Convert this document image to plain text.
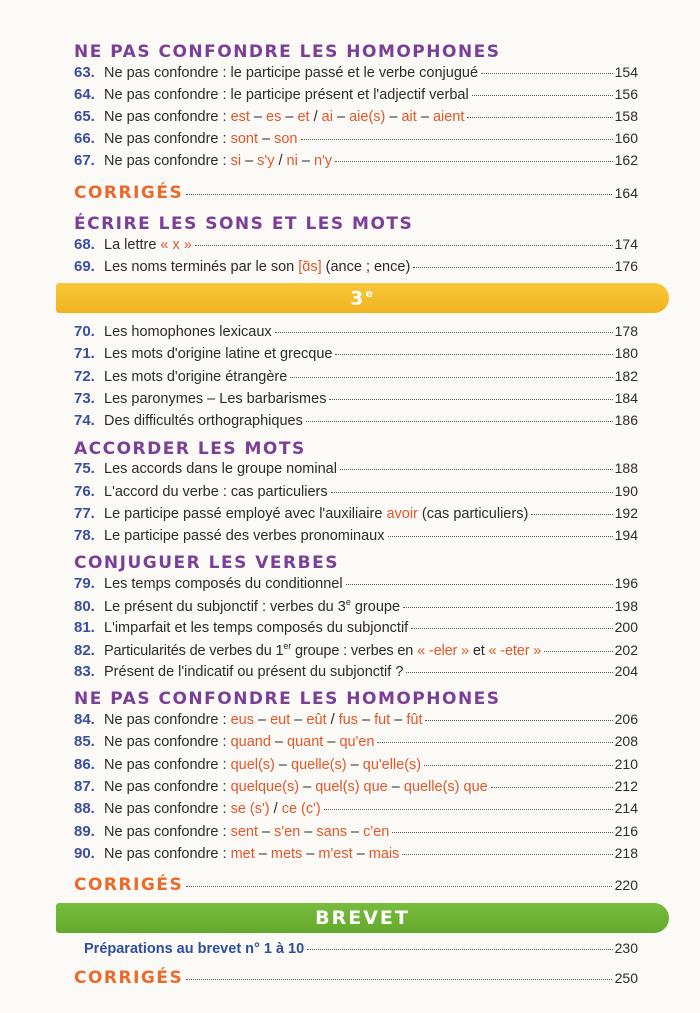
NE PAS CONFONDRE LES HOMOPHONES
63. Ne pas confondre : le participe passé et le verbe conjugué	154
64. Ne pas confondre : le participe présent et l'adjectif verbal	156
65. Ne pas confondre : est – es – et / ai – aie(s) – ait – aient	158
66. Ne pas confondre : sont – son	160
67. Ne pas confondre : si – s'y / ni – n'y	162
CORRIGÉS	164
ÉCRIRE LES SONS ET LES MOTS
68. La lettre « x »	174
69. Les noms terminés par le son [ɑ̃s] (ance ; ence)	176
3e
70. Les homophones lexicaux	178
71. Les mots d'origine latine et grecque	180
72. Les mots d'origine étrangère	182
73. Les paronymes – Les barbarismes	184
74. Des difficultés orthographiques	186
ACCORDER LES MOTS
75. Les accords dans le groupe nominal	188
76. L'accord du verbe : cas particuliers	190
77. Le participe passé employé avec l'auxiliaire avoir (cas particuliers)	192
78. Le participe passé des verbes pronominaux	194
CONJUGUER LES VERBES
79. Les temps composés du conditionnel	196
80. Le présent du subjonctif : verbes du 3e groupe	198
81. L'imparfait et les temps composés du subjonctif	200
82. Particularités de verbes du 1er groupe : verbes en « -eler » et « -eter »	202
83. Présent de l'indicatif ou présent du subjonctif ?	204
NE PAS CONFONDRE LES HOMOPHONES
84. Ne pas confondre : eus – eut – eût / fus – fut – fût	206
85. Ne pas confondre : quand – quant – qu'en	208
86. Ne pas confondre : quel(s) – quelle(s) – qu'elle(s)	210
87. Ne pas confondre : quelque(s) – quel(s) que – quelle(s) que	212
88. Ne pas confondre : se (s') / ce (c')	214
89. Ne pas confondre : sent – s'en – sans – c'en	216
90. Ne pas confondre : met – mets – m'est – mais	218
CORRIGÉS	220
BREVET
Préparations au brevet n° 1 à 10	230
CORRIGÉS	250
